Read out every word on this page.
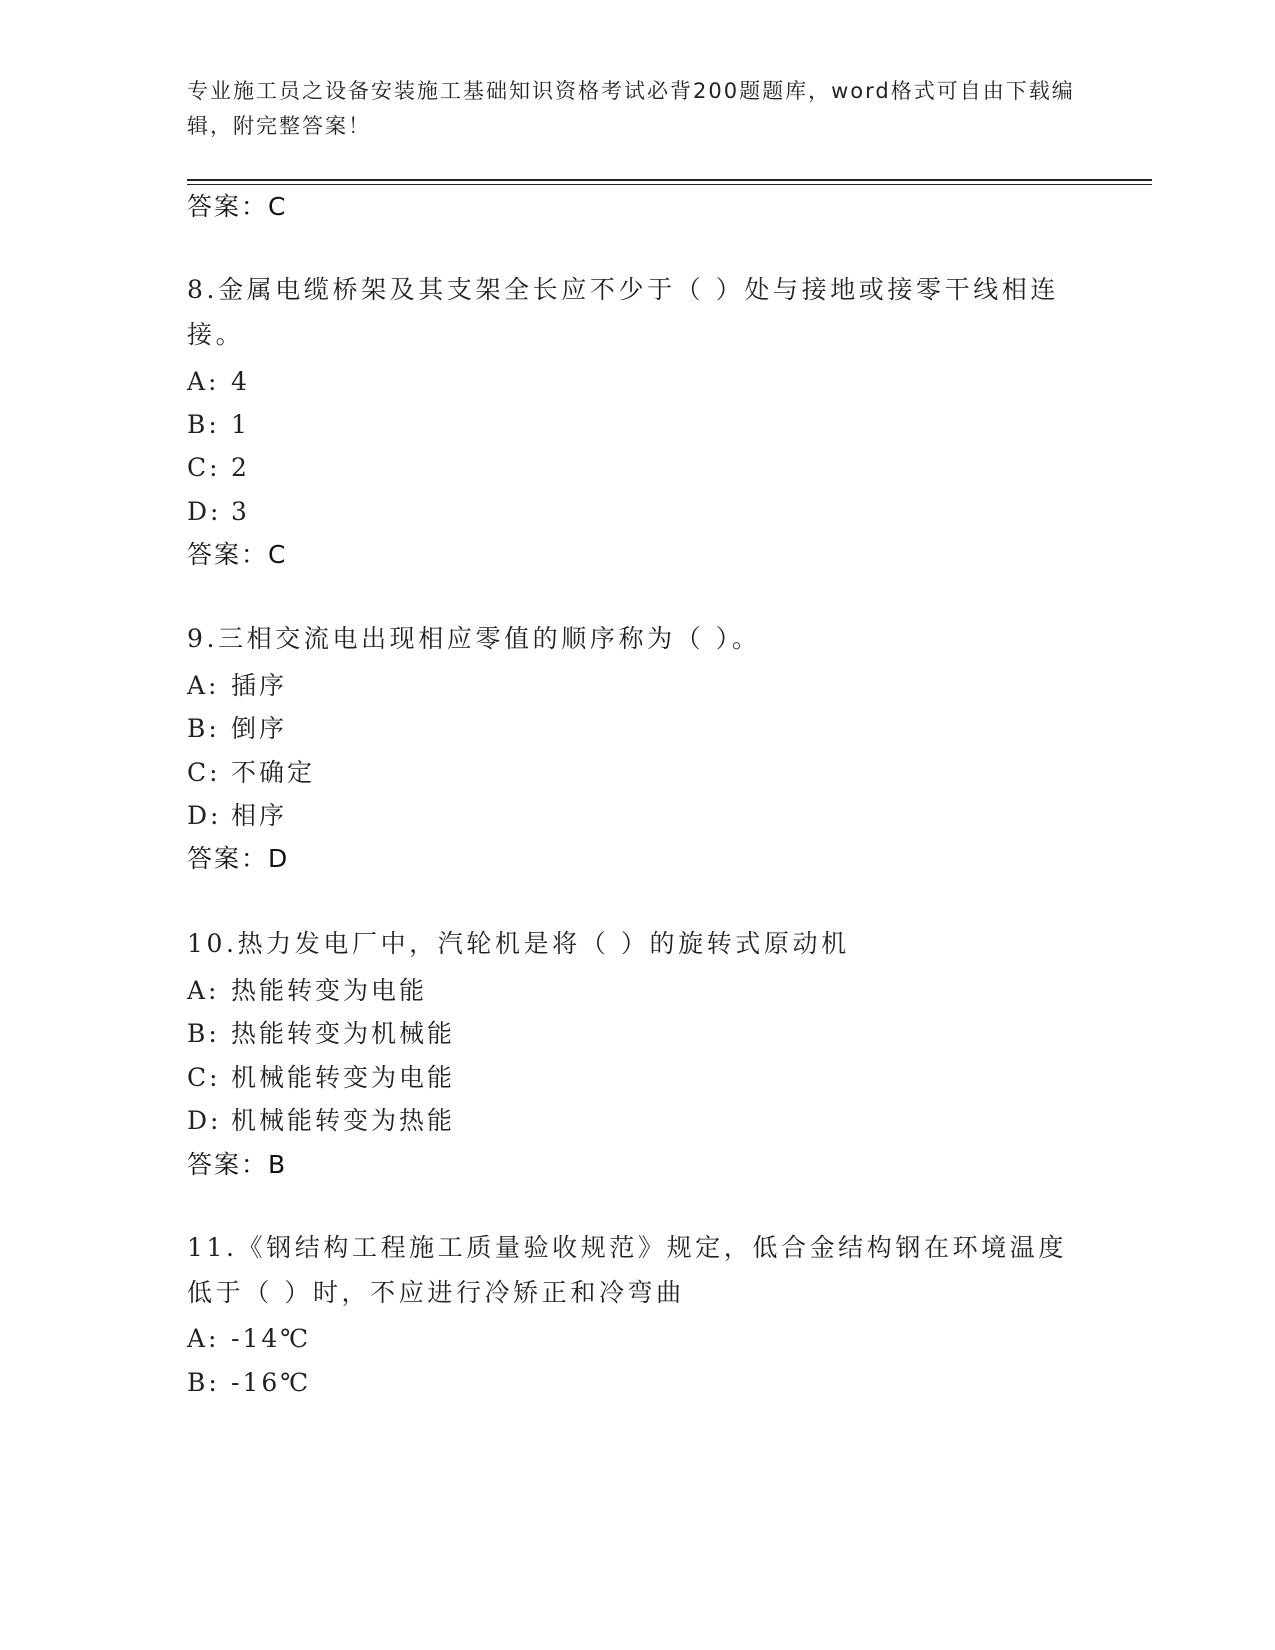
专业施工员之设备安装施工基础知识资格考试必背200题题库，word格式可自由下载编辑，附完整答案！
答案：C
8.金属电缆桥架及其支架全长应不少于（ ）处与接地或接零干线相连接。
A: 4
B: 1
C: 2
D: 3
答案：C
9.三相交流电出现相应零值的顺序称为（ ）。
A: 插序
B: 倒序
C: 不确定
D: 相序
答案：D
10.热力发电厂中，汽轮机是将（ ）的旋转式原动机
A: 热能转变为电能
B: 热能转变为机械能
C: 机械能转变为电能
D: 机械能转变为热能
答案：B
11.《钢结构工程施工质量验收规范》规定，低合金结构钢在环境温度低于（ ）时，不应进行冷矫正和冷弯曲
A: -14℃
B: -16℃
